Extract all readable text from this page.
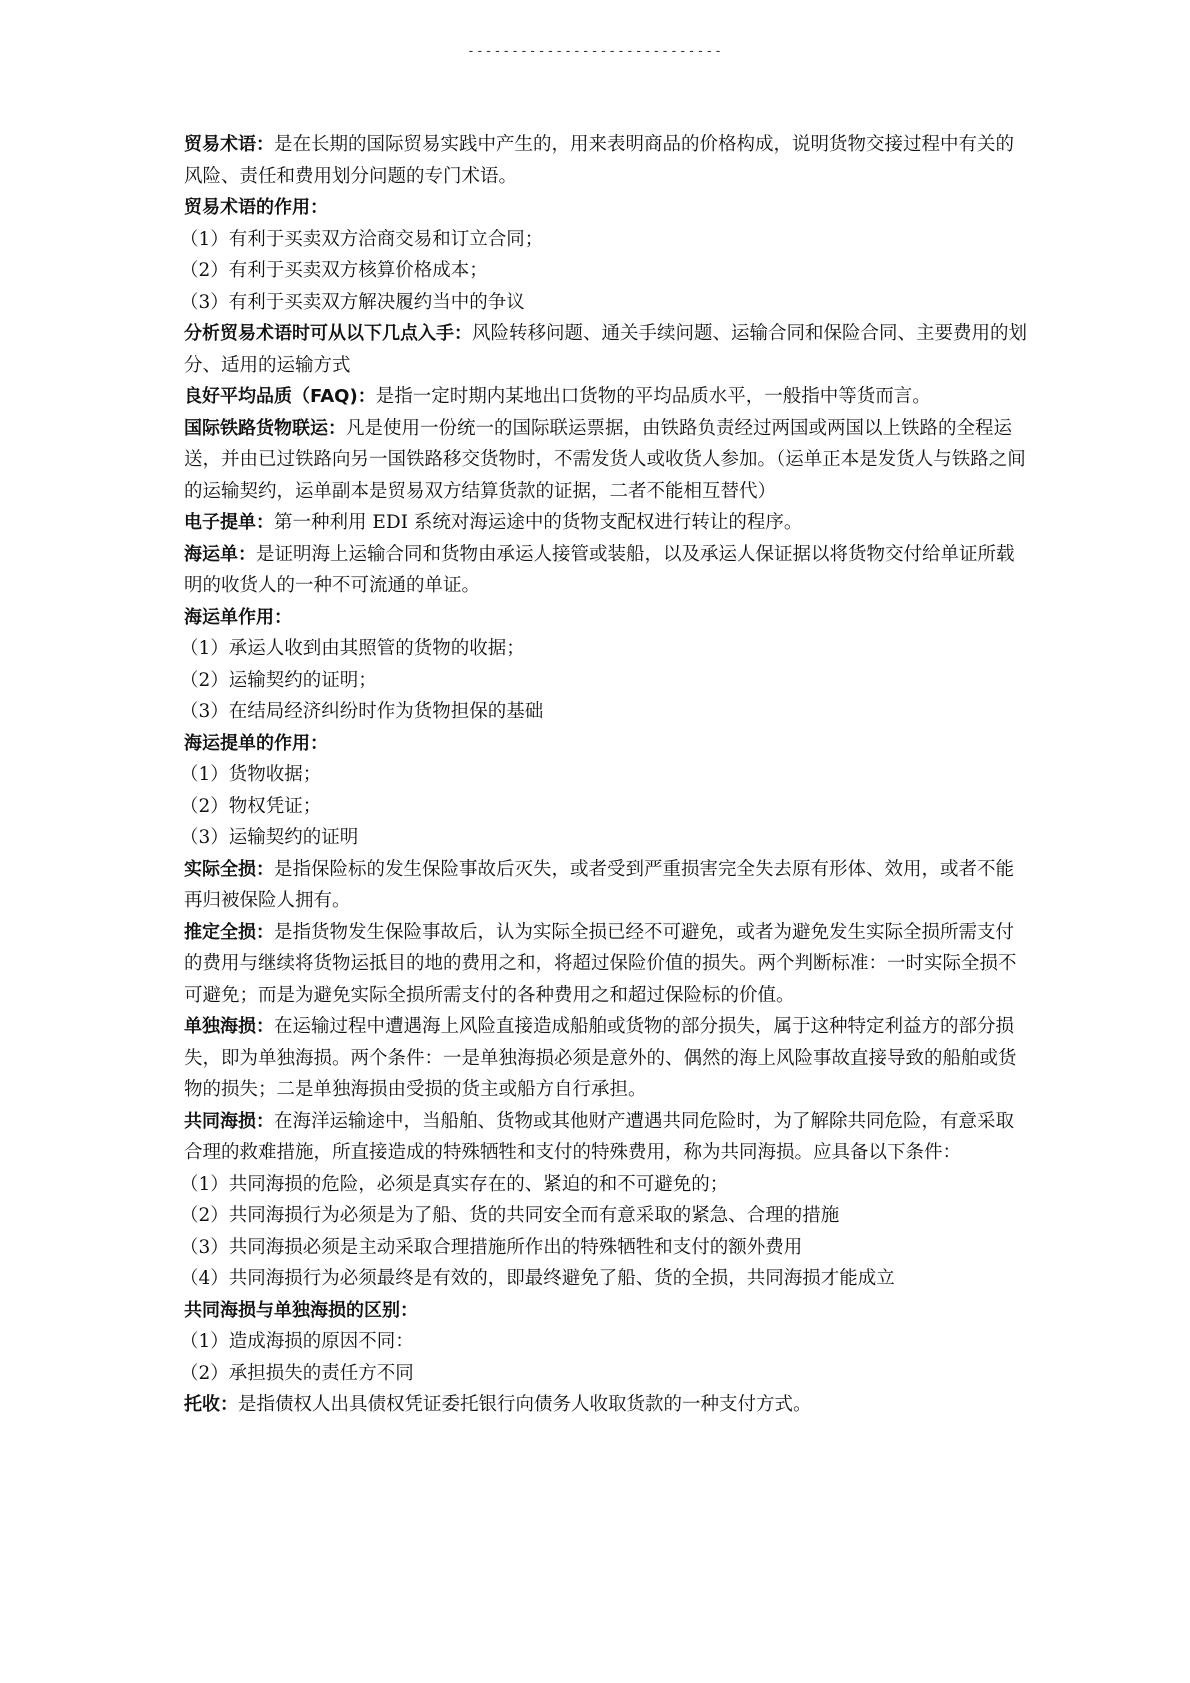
-----------------------------

贸易术语：是在长期的国际贸易实践中产生的，用来表明商品的价格构成，说明货物交接过程中有关的风险、责任和费用划分问题的专门术语。

贸易术语的作用：

（1）有利于买卖双方洽商交易和订立合同；

（2）有利于买卖双方核算价格成本；

（3）有利于买卖双方解决履约当中的争议

分析贸易术语时可从以下几点入手：风险转移问题、通关手续问题、运输合同和保险合同、主要费用的划分、适用的运输方式

良好平均品质（FAQ)：是指一定时期内某地出口货物的平均品质水平，一般指中等货而言。

国际铁路货物联运：凡是使用一份统一的国际联运票据，由铁路负责经过两国或两国以上铁路的全程运送，并由已过铁路向另一国铁路移交货物时，不需发货人或收货人参加。（运单正本是发货人与铁路之间的运输契约，运单副本是贸易双方结算货款的证据，二者不能相互替代）

电子提单：第一种利用 EDI 系统对海运途中的货物支配权进行转让的程序。

海运单：是证明海上运输合同和货物由承运人接管或装船，以及承运人保证据以将货物交付给单证所载明的收货人的一种不可流通的单证。

海运单作用：

（1）承运人收到由其照管的货物的收据；

（2）运输契约的证明；

（3）在结局经济纠纷时作为货物担保的基础

海运提单的作用：

（1）货物收据；

（2）物权凭证；

（3）运输契约的证明

实际全损：是指保险标的发生保险事故后灭失，或者受到严重损害完全失去原有形体、效用，或者不能再归被保险人拥有。

推定全损：是指货物发生保险事故后，认为实际全损已经不可避免，或者为避免发生实际全损所需支付的费用与继续将货物运抵目的地的费用之和，将超过保险价值的损失。两个判断标准：一时实际全损不可避免；而是为避免实际全损所需支付的各种费用之和超过保险标的价值。

单独海损：在运输过程中遭遇海上风险直接造成船舶或货物的部分损失，属于这种特定利益方的部分损失，即为单独海损。两个条件：一是单独海损必须是意外的、偶然的海上风险事故直接导致的船舶或货物的损失；二是单独海损由受损的货主或船方自行承担。

共同海损：在海洋运输途中，当船舶、货物或其他财产遭遇共同危险时，为了解除共同危险，有意采取合理的救难措施，所直接造成的特殊牺牲和支付的特殊费用，称为共同海损。应具备以下条件：

（1）共同海损的危险，必须是真实存在的、紧迫的和不可避免的；

（2）共同海损行为必须是为了船、货的共同安全而有意采取的紧急、合理的措施

（3）共同海损必须是主动采取合理措施所作出的特殊牺牲和支付的额外费用

（4）共同海损行为必须最终是有效的，即最终避免了船、货的全损，共同海损才能成立

共同海损与单独海损的区别：

（1）造成海损的原因不同：

（2）承担损失的责任方不同

托收：是指债权人出具债权凭证委托银行向债务人收取货款的一种支付方式。
